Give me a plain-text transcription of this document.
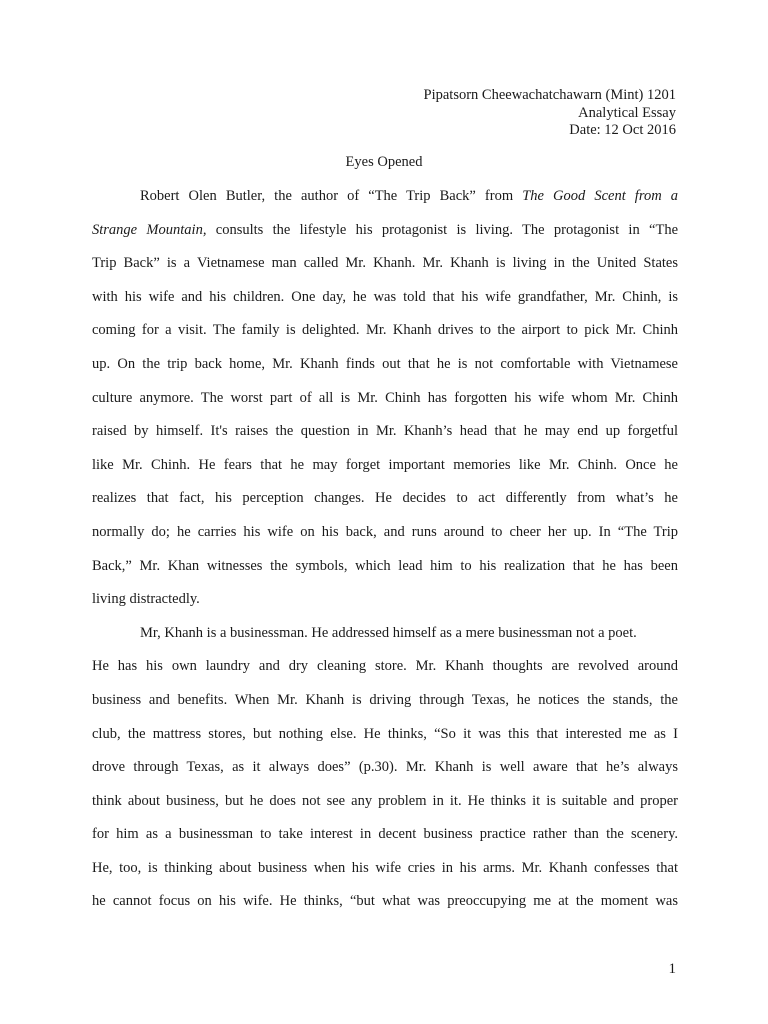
Pipatsorn Cheewachatchawarn (Mint) 1201
Analytical Essay
Date: 12 Oct 2016
Eyes Opened
Robert Olen Butler, the author of “The Trip Back” from The Good Scent from a
Strange Mountain, consults the lifestyle his protagonist is living. The protagonist in “The
Trip Back” is a Vietnamese man called Mr. Khanh. Mr. Khanh is living in the United States
with his wife and his children. One day, he was told that his wife grandfather, Mr. Chinh, is
coming for a visit. The family is delighted. Mr. Khanh drives to the airport to pick Mr. Chinh
up. On the trip back home, Mr. Khanh finds out that he is not comfortable with Vietnamese
culture anymore. The worst part of all is Mr. Chinh has forgotten his wife whom Mr. Chinh
raised by himself. It's raises the question in Mr. Khanh’s head that he may end up forgetful
like Mr. Chinh. He fears that he may forget important memories like Mr. Chinh. Once he
realizes that fact, his perception changes. He decides to act differently from what’s he
normally do; he carries his wife on his back, and runs around to cheer her up. In “The Trip
Back,” Mr. Khan witnesses the symbols, which lead him to his realization that he has been
living distractedly.
Mr, Khanh is a businessman. He addressed himself as a mere businessman not a poet.
He has his own laundry and dry cleaning store. Mr. Khanh thoughts are revolved around
business and benefits. When Mr. Khanh is driving through Texas, he notices the stands, the
club, the mattress stores, but nothing else. He thinks, “So it was this that interested me as I
drove through Texas, as it always does” (p.30). Mr. Khanh is well aware that he’s always
think about business, but he does not see any problem in it. He thinks it is suitable and proper
for him as a businessman to take interest in decent business practice rather than the scenery.
He, too, is thinking about business when his wife cries in his arms. Mr. Khanh confesses that
he cannot focus on his wife. He thinks, “but what was preoccupying me at the moment was
1
